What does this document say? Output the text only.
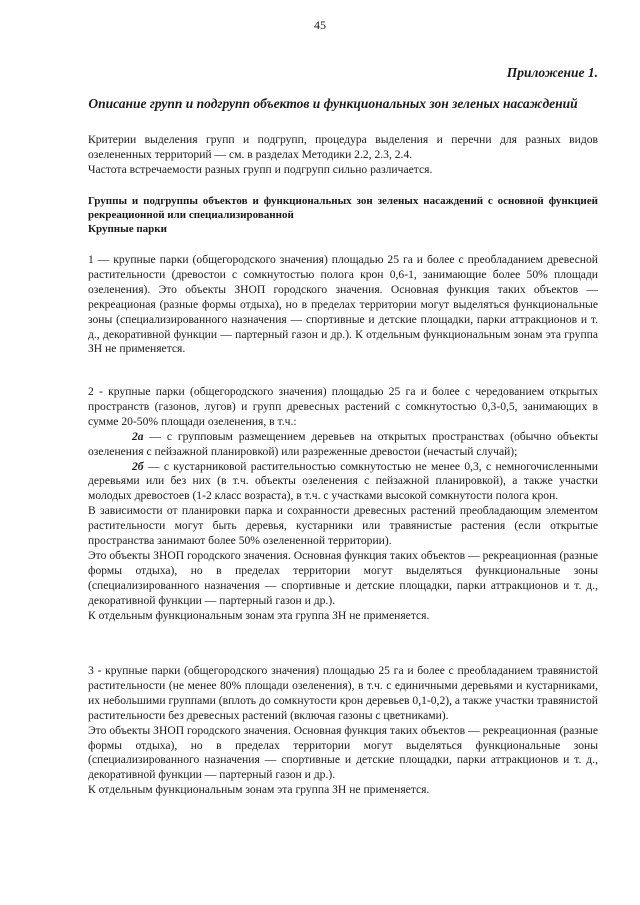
45
Приложение 1.
Описание групп и подгрупп объектов и функциональных зон зеленых насаждений

Критерии выделения групп и подгрупп, процедура выделения и перечни для разных видов озелененных территорий — см. в разделах Методики 2.2, 2.3, 2.4.

Частота встречаемости разных групп и подгрупп сильно различается.

Группы и подгруппы объектов и функциональных зон зеленых насаждений с основной функцией рекреационной или специализированной

Крупные парки

1 — крупные парки (общегородского значения) площадью 25 га и более с преобладанием древесной растительности (древостои с сомкнутостью полога крон 0,6-1, занимающие более 50% площади озеленения). Это объекты ЗНОП городского значения. Основная функция таких объектов — рекреационая (разные формы отдыха), но в пределах территории могут выделяться функциональные зоны (специализированного назначения — спортивные и детские площадки, парки аттракционов и т. д., декоративной функции — партерный газон и др.). К отдельным функциональным зонам эта группа ЗН не применяется.

2 - крупные парки (общегородского значения) площадью 25 га и более с чередованием открытых пространств (газонов, лугов) и групп древесных растений с сомкнутостью 0,3-0,5, занимающих в сумме 20-50% площади озеленения, в т.ч.:

2а — с групповым размещением деревьев на открытых пространствах (обычно объекты озеленения с пейзажной планировкой) или разреженные древостои (нечастый случай);

2б — с кустарниковой растительностью сомкнутостью не менее 0,3, с немногочисленными деревьями или без них (в т.ч. объекты озеленения с пейзажной планировкой), а также участки молодых древостоев (1-2 класс возраста), в т.ч. с участками высокой сомкнутости полога крон.

В зависимости от планировки парка и сохранности древесных растений преобладающим элементом растительности могут быть деревья, кустарники или травянистые растения (если открытые пространства занимают более 50% озелененной территории).

Это объекты ЗНОП городского значения. Основная функция таких объектов — рекреационная (разные формы отдыха), но в пределах территории могут выделяться функциональные зоны (специализированного назначения — спортивные и детские площадки, парки аттракционов и т. д., декоративной функции — партерный газон и др.).

К отдельным функциональным зонам эта группа ЗН не применяется.

3 - крупные парки (общегородского значения) площадью 25 га и более с преобладанием травянистой растительности (не менее 80% площади озеленения), в т.ч. с единичными деревьями и кустарниками, их небольшими группами (вплоть до сомкнутости крон деревьев 0,1-0,2), а также участки травянистой растительности без древесных растений (включая газоны с цветниками).

Это объекты ЗНОП городского значения. Основная функция таких объектов — рекреационная (разные формы отдыха), но в пределах территории могут выделяться функциональные зоны (специализированного назначения — спортивные и детские площадки, парки аттракционов и т. д., декоративной функции — партерный газон и др.).

К отдельным функциональным зонам эта группа ЗН не применяется.
